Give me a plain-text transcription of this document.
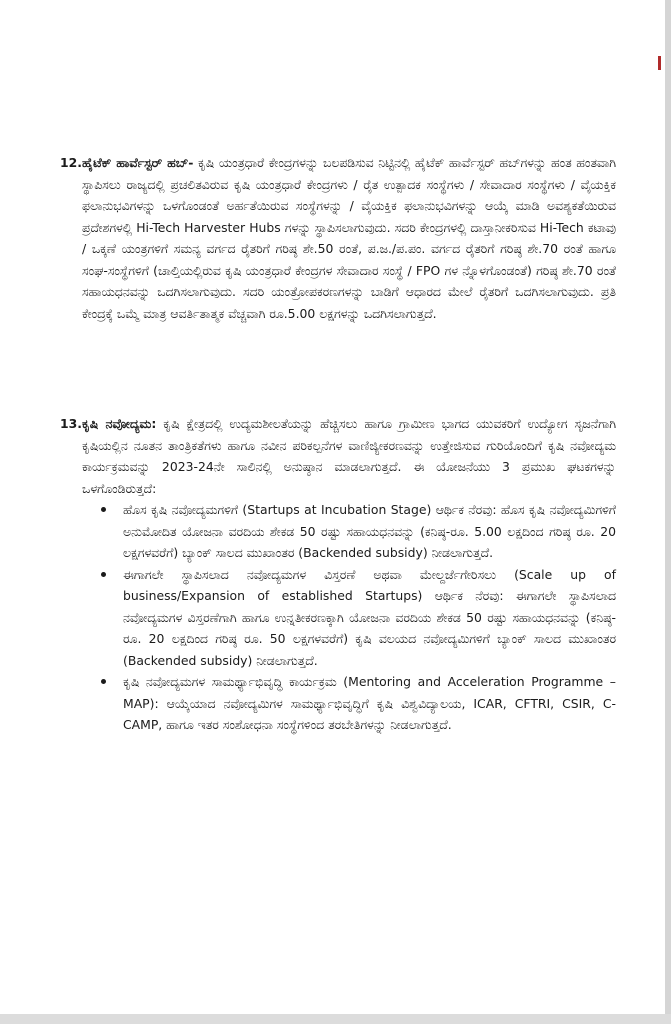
12.ಹೈಟೆಕ್ ಹಾರ್ವೆಸ್ಟರ್ ಹಬ್- ಕೃಷಿ ಯಂತ್ರಧಾರೆ ಕೇಂದ್ರಗಳನ್ನು ಬಲಪಡಿಸುವ ನಿಟ್ಟಿನಲ್ಲಿ ಹೈಟೆಕ್ ಹಾರ್ವೆಸ್ಟರ್ ಹಬ್‌ಗಳನ್ನು ಹಂತ ಹಂತವಾಗಿ ಸ್ಥಾಪಿಸಲು ರಾಜ್ಯದಲ್ಲಿ ಪ್ರಚಲಿತವಿರುವ ಕೃಷಿ ಯಂತ್ರಧಾರೆ ಕೇಂದ್ರಗಳು / ರೈತ ಉತ್ಪಾದಕ ಸಂಸ್ಥೆಗಳು / ಸೇವಾದಾರ ಸಂಸ್ಥೆಗಳು / ವೈಯಕ್ತಿಕ ಫಲಾನುಭವಿಗಳನ್ನು ಒಳಗೊಂಡಂತೆ ಅರ್ಹತೆಯಿರುವ ಸಂಸ್ಥೆಗಳನ್ನು / ವೈಯಕ್ತಿಕ ಫಲಾನುಭವಿಗಳನ್ನು ಆಯ್ಕೆ ಮಾಡಿ ಅವಶ್ಯಕತೆಯಿರುವ ಪ್ರದೇಶಗಳಲ್ಲಿ Hi-Tech Harvester Hubs ಗಳನ್ನು ಸ್ಥಾಪಿಸಲಾಗುವುದು. ಸದರಿ ಕೇಂದ್ರಗಳಲ್ಲಿ ದಾಸ್ತಾನೀಕರಿಸುವ Hi-Tech ಕಟಾವು / ಒಕ್ಕಣೆ ಯಂತ್ರಗಳಿಗೆ ಸಮನ್ಯ ವರ್ಗದ ರೈತರಿಗೆ ಗರಿಷ್ಠ ಶೇ.50 ರಂತೆ, ಪ.ಜ./ಪ.ಪಂ. ವರ್ಗದ ರೈತರಿಗೆ ಗರಿಷ್ಠ ಶೇ.70 ರಂತೆ ಹಾಗೂ ಸಂಘ-ಸಂಸ್ಥೆಗಳಿಗೆ (ಚಾಲ್ತಿಯಲ್ಲಿರುವ ಕೃಷಿ ಯಂತ್ರಧಾರೆ ಕೇಂದ್ರಗಳ ಸೇವಾದಾರ ಸಂಸ್ಥೆ / FPO ಗಳ ನ್ನೊಳಗೊಂಡಂತೆ) ಗರಿಷ್ಠ ಶೇ.70 ರಂತೆ ಸಹಾಯಧನವನ್ನು ಒದಗಿಸಲಾಗುವುದು. ಸದರಿ ಯಂತ್ರೋಪಕರಣಗಳನ್ನು ಬಾಡಿಗೆ ಆಧಾರದ ಮೇಲೆ ರೈತರಿಗೆ ಒದಗಿಸಲಾಗುವುದು. ಪ್ರತಿ ಕೇಂದ್ರಕ್ಕೆ ಒಮ್ಮೆ ಮಾತ್ರ ಆವರ್ತಿತಾತ್ಮಕ ವೆಚ್ಚವಾಗಿ ರೂ.5.00 ಲಕ್ಷಗಳನ್ನು ಒದಗಿಸಲಾಗುತ್ತದೆ.

13.ಕೃಷಿ ನವೋದ್ಯಮ: ಕೃಷಿ ಕ್ಷೇತ್ರದಲ್ಲಿ ಉದ್ಯಮಶೀಲತೆಯನ್ನು ಹೆಚ್ಚಿಸಲು ಹಾಗೂ ಗ್ರಾಮೀಣ ಭಾಗದ ಯುವಕರಿಗೆ ಉದ್ಯೋಗ ಸೃಜನೆಗಾಗಿ ಕೃಷಿಯಲ್ಲಿನ ನೂತನ ತಾಂತ್ರಿಕತೆಗಳು ಹಾಗೂ ನವೀನ ಪರಿಕಲ್ಪನೆಗಳ ವಾಣಿಜ್ಯೀಕರಣವನ್ನು ಉತ್ತೇಜಿಸುವ ಗುರಿಯೊಂದಿಗೆ ಕೃಷಿ ನವೋದ್ಯಮ ಕಾರ್ಯಕ್ರಮವನ್ನು 2023-24ನೇ ಸಾಲಿನಲ್ಲಿ ಅನುಷ್ಠಾನ ಮಾಡಲಾಗುತ್ತದೆ. ಈ ಯೋಜನೆಯು 3 ಪ್ರಮುಖ ಘಟಕಗಳನ್ನು ಒಳಗೊಂಡಿರುತ್ತದೆ:

ಹೊಸ ಕೃಷಿ ನವೋದ್ಯಮಗಳಿಗೆ (Startups at Incubation Stage) ಆರ್ಥಿಕ ನೆರವು: ಹೊಸ ಕೃಷಿ ನವೋದ್ಯಮಿಗಳಿಗೆ ಅನುಮೋದಿತ ಯೋಜನಾ ವರದಿಯ ಶೇಕಡ 50 ರಷ್ಟು ಸಹಾಯಧನವನ್ನು (ಕನಿಷ್ಠ-ರೂ. 5.00 ಲಕ್ಷದಿಂದ ಗರಿಷ್ಠ ರೂ. 20 ಲಕ್ಷಗಳವರೆಗೆ) ಬ್ಯಾಂಕ್ ಸಾಲದ ಮುಖಾಂತರ (Backended subsidy) ನೀಡಲಾಗುತ್ತದೆ.
ಈಗಾಗಲೇ ಸ್ಥಾಪಿಸಲಾದ ನವೋದ್ಯಮಗಳ ವಿಸ್ತರಣೆ ಅಥವಾ ಮೇಲ್ದರ್ಜೆಗೇರಿಸಲು (Scale up of business/Expansion of established Startups) ಆರ್ಥಿಕ ನೆರವು: ಈಗಾಗಲೇ ಸ್ಥಾಪಿಸಲಾದ ನವೋದ್ಯಮಗಳ ವಿಸ್ತರಣೆಗಾಗಿ ಹಾಗೂ ಉನ್ನತೀಕರಣಕ್ಕಾಗಿ ಯೋಜನಾ ವರದಿಯ ಶೇಕಡ 50 ರಷ್ಟು ಸಹಾಯಧನವನ್ನು (ಕನಿಷ್ಠ-ರೂ. 20 ಲಕ್ಷದಿಂದ ಗರಿಷ್ಠ ರೂ. 50 ಲಕ್ಷಗಳವರೆಗೆ) ಕೃಷಿ ವಲಯದ ನವೋದ್ಯಮಿಗಳಿಗೆ ಬ್ಯಾಂಕ್ ಸಾಲದ ಮುಖಾಂತರ (Backended subsidy) ನೀಡಲಾಗುತ್ತದೆ.
ಕೃಷಿ ನವೋದ್ಯಮಗಳ ಸಾಮರ್ಥ್ಯಾಭಿವೃದ್ಧಿ ಕಾರ್ಯಕ್ರಮ (Mentoring and Acceleration Programme –MAP): ಆಯ್ಕೆಯಾದ ನವೋದ್ಯಮಿಗಳ ಸಾಮರ್ಥ್ಯಾಭಿವೃದ್ಧಿಗೆ ಕೃಷಿ ವಿಶ್ವವಿದ್ಯಾಲಯ, ICAR, CFTRI, CSIR, C- CAMP, ಹಾಗೂ ಇತರ ಸಂಶೋಧನಾ ಸಂಸ್ಥೆಗಳಿಂದ ತರಬೇತಿಗಳನ್ನು ನೀಡಲಾಗುತ್ತದೆ.
